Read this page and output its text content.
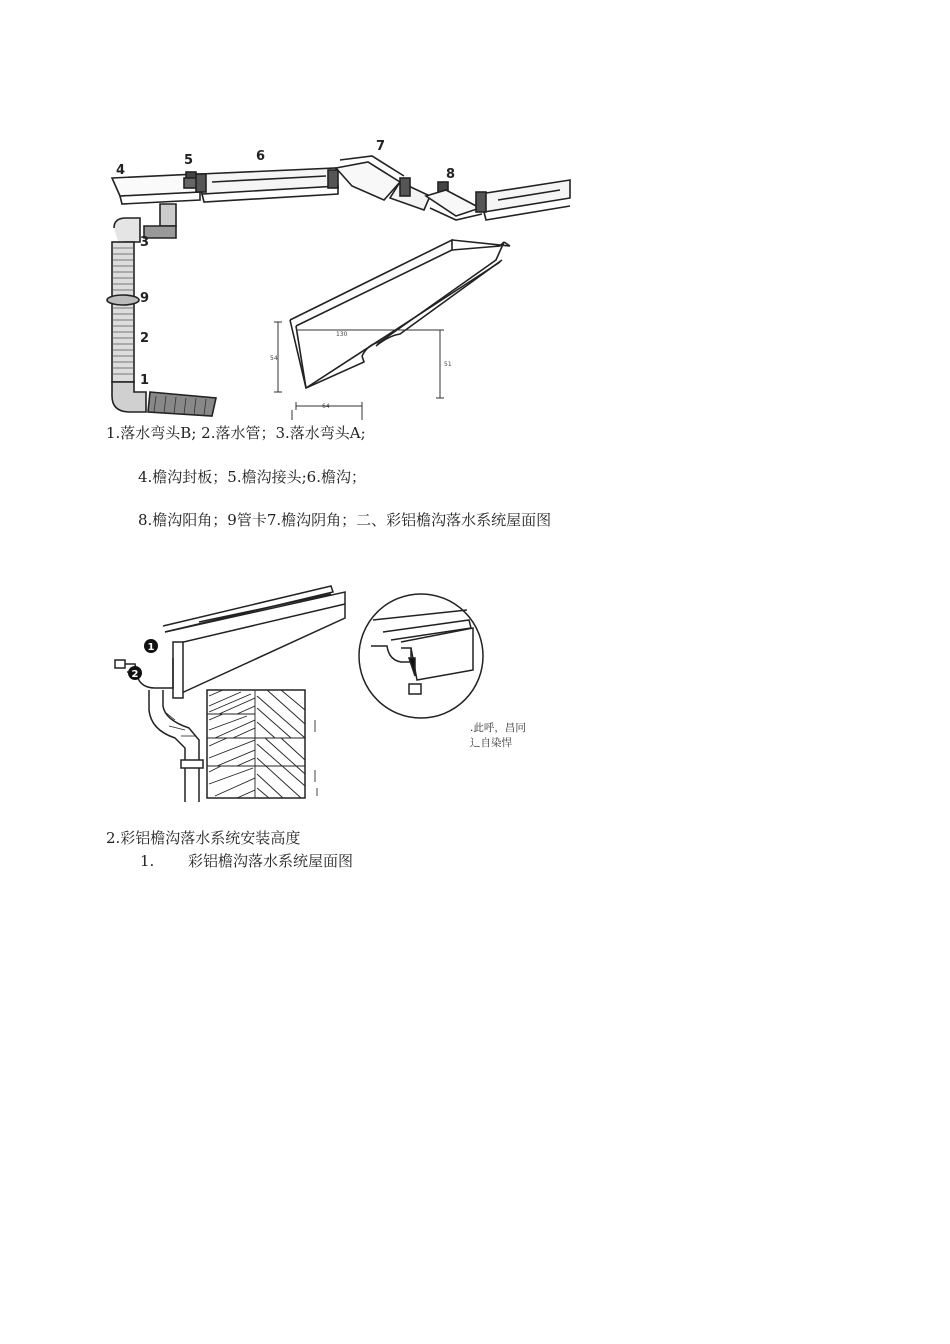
4
5	6
7
8
3
9
2
1
130
54
51
64
1.落水弯头B; 2.落水管；3.落水弯头A;
4.檐沟封板；5.檐沟接头;6.檐沟；
8.檐沟阳角；9管卡7.檐沟阴角；二、彩铝檐沟落水系统屋面图
1
2
.此呼，昌冋
⻌自染悍
2.彩铝檐沟落水系统安装高度
1. 彩铝檐沟落水系统屋面图
